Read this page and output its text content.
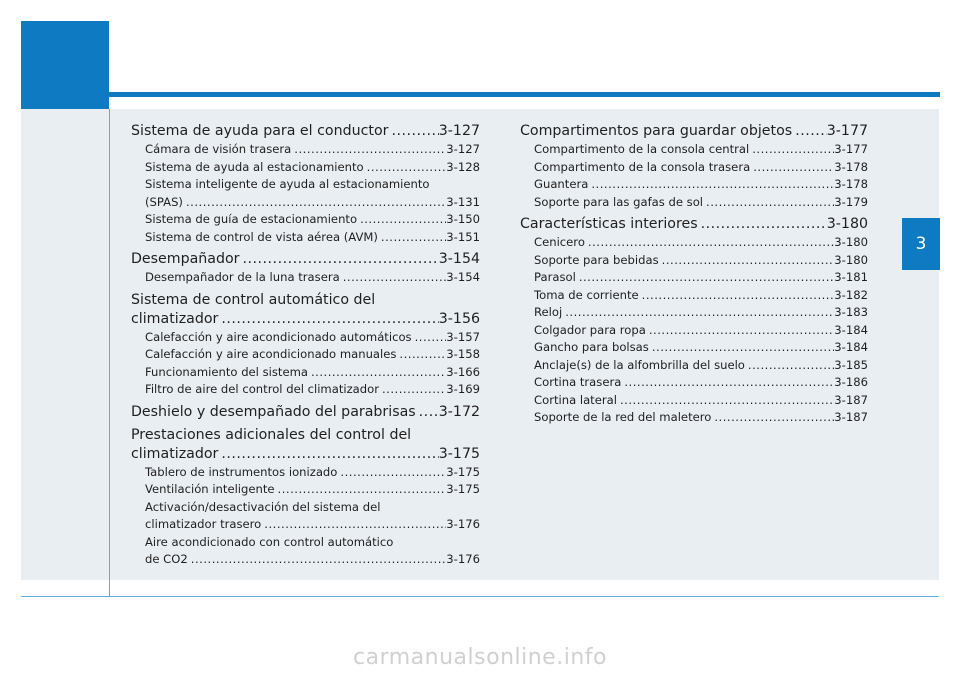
3
Sistema de ayuda para el conductor .....	3-127
Cámara de visión trasera .....	3-127
Sistema de ayuda al estacionamiento .....	3-128
Sistema inteligente de ayuda al estacionamiento
(SPAS) .....	3-131
Sistema de guía de estacionamiento .....	3-150
Sistema de control de vista aérea (AVM) .....	3-151
Desempañador .....	3-154
Desempañador de la luna trasera .....	3-154
Sistema de control automático del
climatizador .....	3-156
Calefacción y aire acondicionado automáticos .....	3-157
Calefacción y aire acondicionado manuales .....	3-158
Funcionamiento del sistema .....	3-166
Filtro de aire del control del climatizador .....	3-169
Deshielo y desempañado del parabrisas ..... 3-172
Prestaciones adicionales del control del
climatizador .....	3-175
Tablero de instrumentos ionizado .....	3-175
Ventilación inteligente .....	3-175
Activación/desactivación del sistema del
climatizador trasero .....	3-176
Aire acondicionado con control automático
de CO2 .....	3-176
Compartimentos para guardar objetos ..... 3-177
Compartimento de la consola central .....	3-177
Compartimento de la consola trasera .....	3-178
Guantera .....	3-178
Soporte para las gafas de sol .....	3-179
Características interiores .....	3-180
Cenicero .....	3-180
Soporte para bebidas .....	3-180
Parasol .....	3-181
Toma de corriente .....	3-182
Reloj .....	3-183
Colgador para ropa .....	3-184
Gancho para bolsas .....	3-184
Anclaje(s) de la alfombrilla del suelo .....	3-185
Cortina trasera .....	3-186
Cortina lateral .....	3-187
Soporte de la red del maletero .....	3-187
carmanualsonline.info
